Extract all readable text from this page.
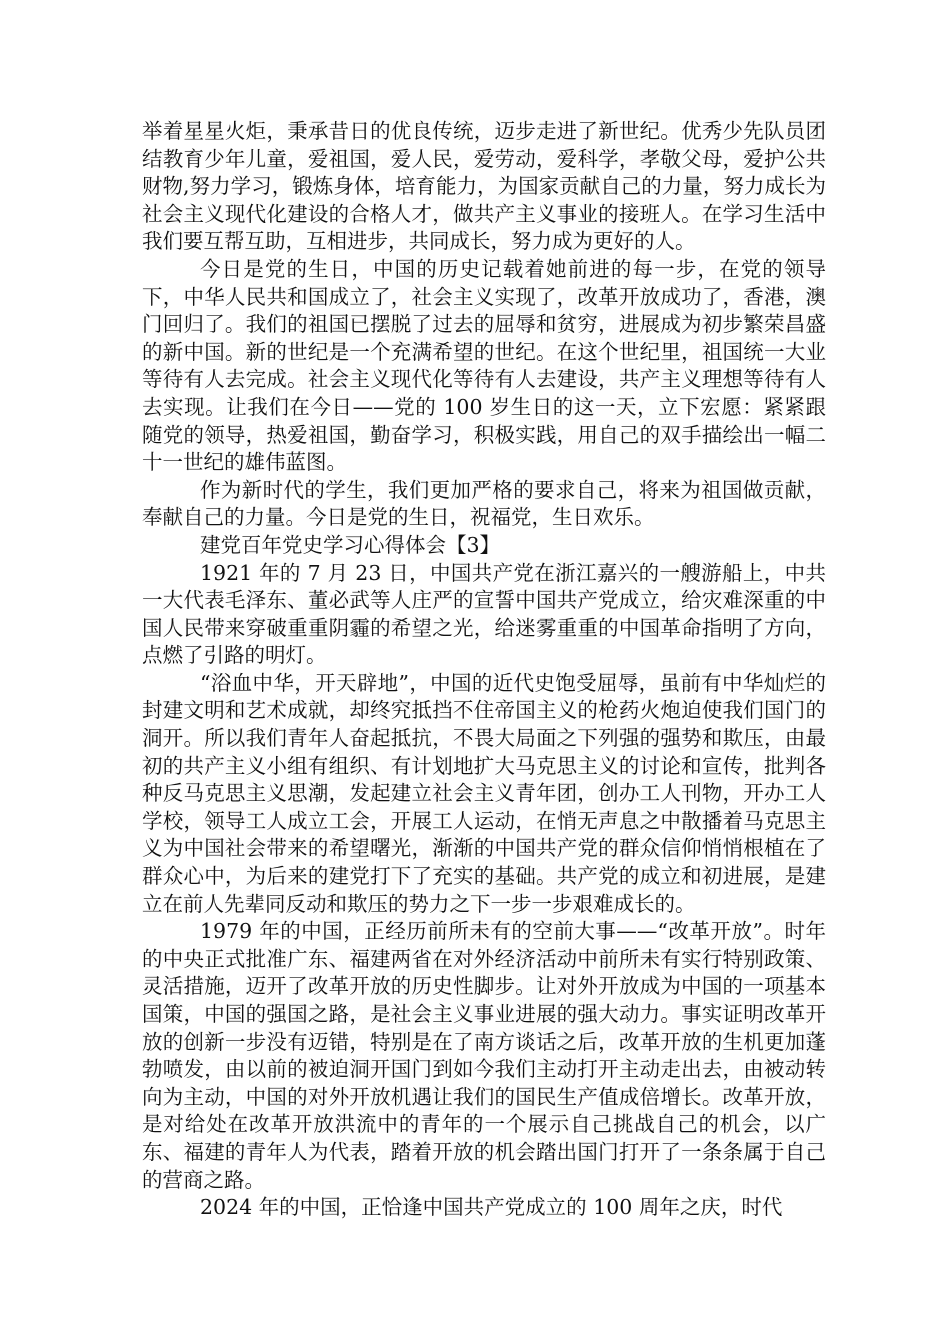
举着星星火炬，秉承昔日的优良传统，迈步走进了新世纪。优秀少先队员团结教育少年儿童，爱祖国，爱人民，爱劳动，爱科学，孝敬父母，爱护公共财物,努力学习，锻炼身体，培育能力，为国家贡献自己的力量，努力成长为社会主义现代化建设的合格人才，做共产主义事业的接班人。在学习生活中我们要互帮互助，互相进步，共同成长，努力成为更好的人。

今日是党的生日，中国的历史记载着她前进的每一步，在党的领导下，中华人民共和国成立了，社会主义实现了，改革开放成功了，香港，澳门回归了。我们的祖国已摆脱了过去的屈辱和贫穷，进展成为初步繁荣昌盛的新中国。新的世纪是一个充满希望的世纪。在这个世纪里，祖国统一大业等待有人去完成。社会主义现代化等待有人去建设，共产主义理想等待有人去实现。让我们在今日——党的 100 岁生日的这一天，立下宏愿：紧紧跟随党的领导，热爱祖国，勤奋学习，积极实践，用自己的双手描绘出一幅二十一世纪的雄伟蓝图。

作为新时代的学生，我们更加严格的要求自己，将来为祖国做贡献，奉献自己的力量。今日是党的生日，祝福党，生日欢乐。

建党百年党史学习心得体会【3】

1921 年的 7 月 23 日，中国共产党在浙江嘉兴的一艘游船上，中共一大代表毛泽东、董必武等人庄严的宣誓中国共产党成立，给灾难深重的中国人民带来穿破重重阴霾的希望之光，给迷雾重重的中国革命指明了方向，点燃了引路的明灯。

“浴血中华，开天辟地”，中国的近代史饱受屈辱，虽前有中华灿烂的封建文明和艺术成就，却终究抵挡不住帝国主义的枪药火炮迫使我们国门的洞开。所以我们青年人奋起抵抗，不畏大局面之下列强的强势和欺压，由最初的共产主义小组有组织、有计划地扩大马克思主义的讨论和宣传，批判各种反马克思主义思潮，发起建立社会主义青年团，创办工人刊物，开办工人学校，领导工人成立工会，开展工人运动，在悄无声息之中散播着马克思主义为中国社会带来的希望曙光，渐渐的中国共产党的群众信仰悄悄根植在了群众心中，为后来的建党打下了充实的基础。共产党的成立和初进展，是建立在前人先辈同反动和欺压的势力之下一步一步艰难成长的。

1979 年的中国，正经历前所未有的空前大事——“改革开放”。时年的中央正式批准广东、福建两省在对外经济活动中前所未有实行特别政策、灵活措施，迈开了改革开放的历史性脚步。让对外开放成为中国的一项基本国策，中国的强国之路，是社会主义事业进展的强大动力。事实证明改革开放的创新一步没有迈错，特别是在了南方谈话之后，改革开放的生机更加蓬勃喷发，由以前的被迫洞开国门到如今我们主动打开主动走出去，由被动转向为主动，中国的对外开放机遇让我们的国民生产值成倍增长。改革开放，是对给处在改革开放洪流中的青年的一个展示自己挑战自己的机会，以广东、福建的青年人为代表，踏着开放的机会踏出国门打开了一条条属于自己的营商之路。

2024 年的中国，正恰逢中国共产党成立的 100 周年之庆，时代
